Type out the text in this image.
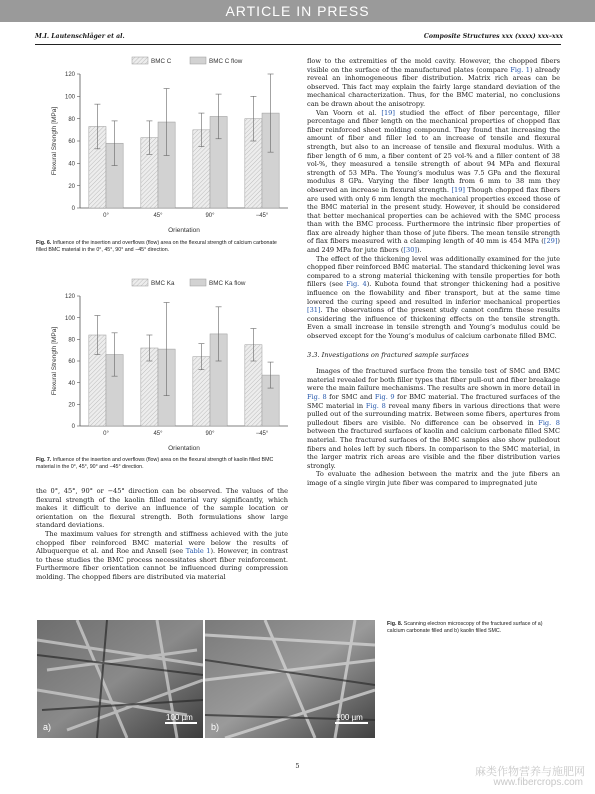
ARTICLE IN PRESS
M.I. Lautenschläger et al.	Composite Structures xxx (xxxx) xxx–xxx
0
20
40
60
80
100
120
Flexural Strength [MPa]
Orientation
0°	45°	90°	−45°
BMC C	BMC C flow
Fig. 6. Influence of the insertion and overflows (flow) area on the flexural strength of calcium carbonate filled BMC material in the 0°, 45°, 90° and −45° direction.
0
20
40
60
80
100
120
Flexural Strength [MPa]
Orientation
0°	45°	90°	−45°
BMC Ka	BMC Ka flow
Fig. 7. Influence of the insertion and overflows (flow) area on the flexural strength of kaolin filled BMC material in the 0°, 45°, 90° and −45° direction.

the 0°, 45°, 90° or −45° direction can be observed. The values of the flexural strength of the kaolin filled material vary significantly, which makes it difficult to derive an influence of the sample location or orientation on the flexural strength. Both formulations show large standard deviations.

The maximum values for strength and stiffness achieved with the jute chopped fiber reinforced BMC material were below the results of Albuquerque et al. and Roe and Ansell (see Table 1). However, in contrast to these studies the BMC process necessitates short fiber reinforcement. Furthermore fiber orientation cannot be influenced during compression molding. The chopped fibers are distributed via material

flow to the extremities of the mold cavity. However, the chopped fibers visible on the surface of the manufactured plates (compare Fig. 1) already reveal an inhomogeneous fiber distribution. Matrix rich areas can be observed. This fact may explain the fairly large standard deviation of the mechanical characterization. Thus, for the BMC material, no conclusions can be drawn about the anisotropy.

Van Voorn et al. [19] studied the effect of fiber percentage, filler percentage and fiber length on the mechanical properties of chopped flax fiber reinforced sheet molding compound. They found that increasing the amount of fiber and filler led to an increase of tensile and flexural strength, but also to an increase of tensile and flexural modulus. With a fiber length of 6 mm, a fiber content of 25 vol-% and a filler content of 38 vol-%, they measured a tensile strength of about 94 MPa and flexural strength of 53 MPa. The Young’s modulus was 7.5 GPa and the flexural modulus 8 GPa. Varying the fiber length from 6 mm to 38 mm they observed an increase in flexural strength. [19] Though chopped flax fibers are used with only 6 mm length the mechanical properties exceed those of the BMC material in the present study. However, it should be considered that better mechanical properties can be achieved with the SMC process than with the BMC process. Furthermore the intrinsic fiber properties of flax are already higher than those of jute fibers. The mean tensile strength of flax fibers measured with a clamping length of 40 mm is 454 MPa ([29]) and 249 MPa for jute fibers ([30]).

The effect of the thickening level was additionally examined for the jute chopped fiber reinforced BMC material. The standard thickening level was compared to a strong material thickening with tensile properties for both fillers (see Fig. 4). Kubota found that stronger thickening had a positive influence on the flowability and fiber transport, but at the same time lowered the curing speed and resulted in inferior mechanical properties [31]. The observations of the present study cannot confirm these results considering the influence of thickening effects on the tensile strength. Even a small increase in tensile strength and Young’s modulus could be observed except for the Young’s modulus of calcium carbonate filled BMC.

3.3. Investigations on fractured sample surfaces

Images of the fractured surface from the tensile test of SMC and BMC material revealed for both filler types that fiber pull-out and fiber breakage were the main failure mechanisms. The results are shown in more detail in Fig. 8 for SMC and Fig. 9 for BMC material. The fractured surfaces of the SMC material in Fig. 8 reveal many fibers in various directions that were pulled out of the surrounding matrix. Between some fibers, apertures from pulledout fibers are visible. No difference can be observed in Fig. 8 between the fractured surfaces of kaolin and calcium carbonate filled SMC material. The fractured surfaces of the BMC samples also show pulledout fibers and holes left by such fibers. In comparison to the SMC material, in the larger matrix rich areas are visible and the fiber distribution varies strongly.

To evaluate the adhesion between the matrix and the jute fibers an image of a single virgin jute fiber was compared to impregnated jute

a)
100 µm
b)
100 µm
Fig. 8. Scanning electron microscopy of the fractured surface of a) calcium carbonate filled and b) kaolin filled SMC.
5	麻类作物营养与施肥网
www.fibercrops.com
